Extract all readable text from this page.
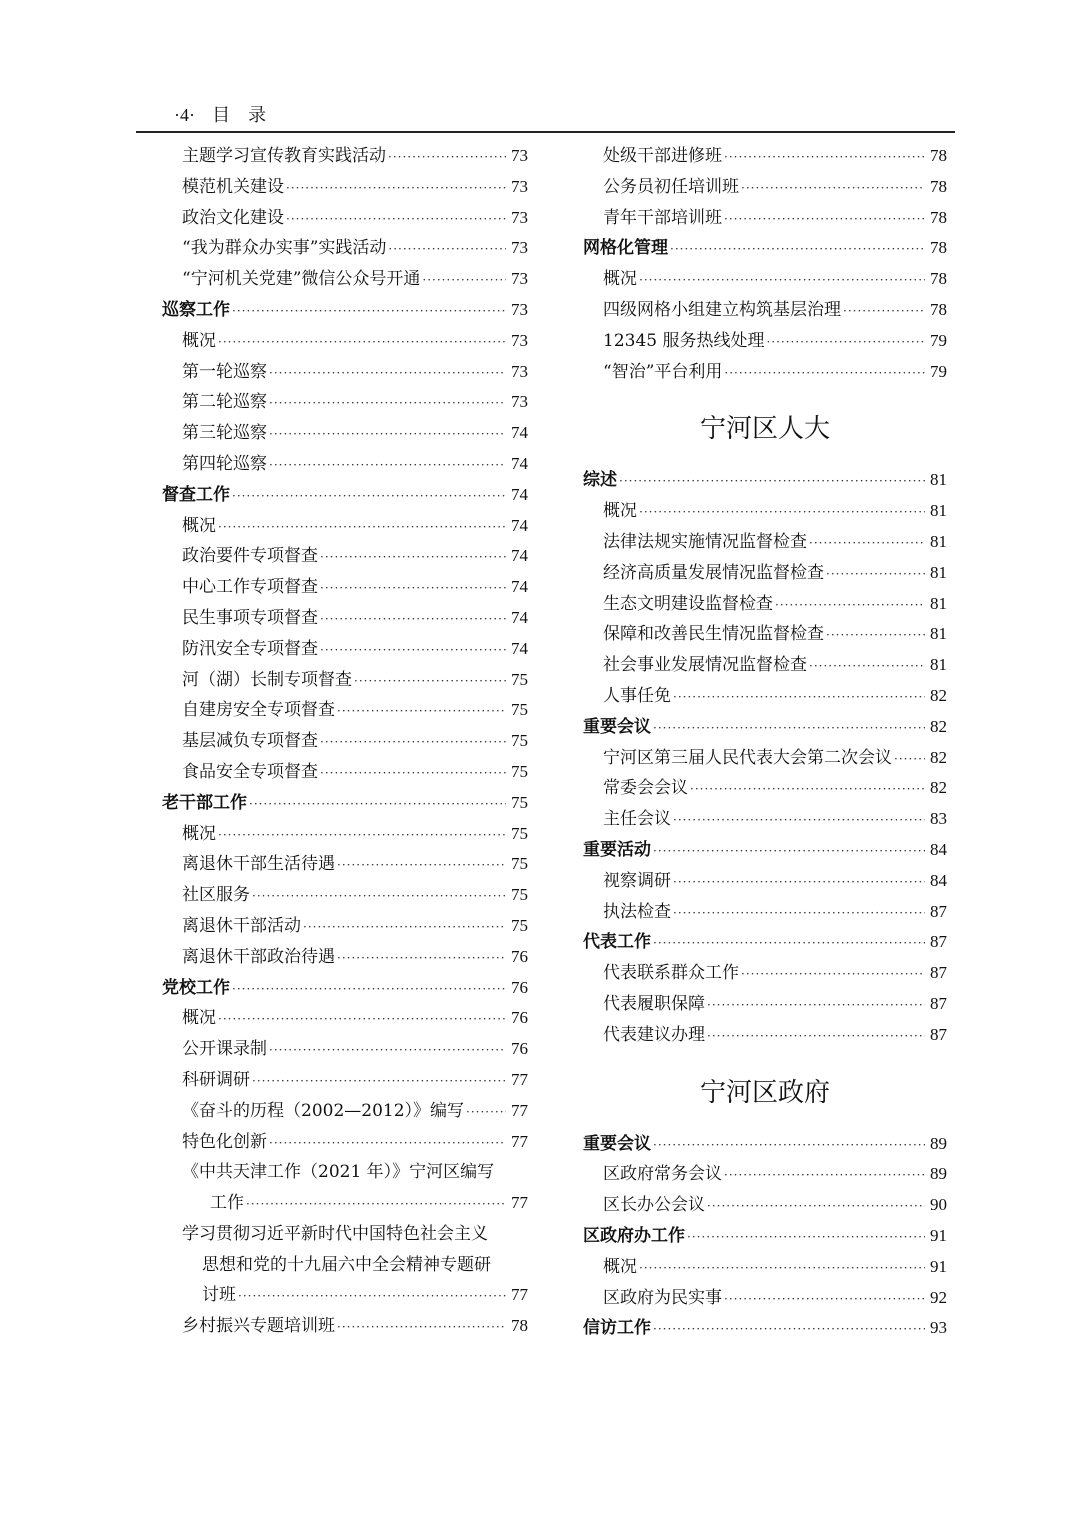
·4· 目　录
主题学习宣传教育实践活动 ·····	73
模范机关建设 ·····	73
政治文化建设 ·····	73
“我为群众办实事”实践活动 ·····	73
“宁河机关党建”微信公众号开通 ·····	73
巡察工作 ·····	73
概况 ·····	73
第一轮巡察 ·····	73
第二轮巡察 ·····	73
第三轮巡察 ·····	74
第四轮巡察 ·····	74
督查工作 ·····	74
概况 ·····	74
政治要件专项督查 ·····	74
中心工作专项督查 ·····	74
民生事项专项督查 ·····	74
防汛安全专项督查 ·····	74
河（湖）长制专项督查 ·····	75
自建房安全专项督查 ·····	75
基层减负专项督查 ·····	75
食品安全专项督查 ·····	75
老干部工作 ·····	75
概况 ·····	75
离退休干部生活待遇 ·····	75
社区服务 ·····	75
离退休干部活动 ·····	75
离退休干部政治待遇 ·····	76
党校工作 ·····	76
概况 ·····	76
公开课录制 ·····	76
科研调研 ·····	77
《奋斗的历程（2002—2012）》编写 ·····	77
特色化创新 ·····	77
《中共天津工作（2021 年）》宁河区编写
工作 ·····	77
学习贯彻习近平新时代中国特色社会主义
思想和党的十九届六中全会精神专题研
讨班 ·····	77
乡村振兴专题培训班 ·····	78
处级干部进修班 ·····	78
公务员初任培训班 ·····	78
青年干部培训班 ·····	78
网格化管理 ·····	78
概况 ·····	78
四级网格小组建立构筑基层治理 ·····	78
12345 服务热线处理 ·····	79
“智治”平台利用 ·····	79
宁河区人大
综述 ·····	81
概况 ·····	81
法律法规实施情况监督检查 ·····	81
经济高质量发展情况监督检查 ·····	81
生态文明建设监督检查 ·····	81
保障和改善民生情况监督检查 ·····	81
社会事业发展情况监督检查 ·····	81
人事任免 ·····	82
重要会议 ·····	82
宁河区第三届人民代表大会第二次会议 ····· 82
常委会会议 ·····	82
主任会议 ·····	83
重要活动 ·····	84
视察调研 ·····	84
执法检查 ·····	87
代表工作 ·····	87
代表联系群众工作 ·····	87
代表履职保障 ·····	87
代表建议办理 ·····	87
宁河区政府
重要会议 ·····	89
区政府常务会议 ·····	89
区长办公会议 ·····	90
区政府办工作 ·····	91
概况 ·····	91
区政府为民实事 ·····	92
信访工作 ·····	93
